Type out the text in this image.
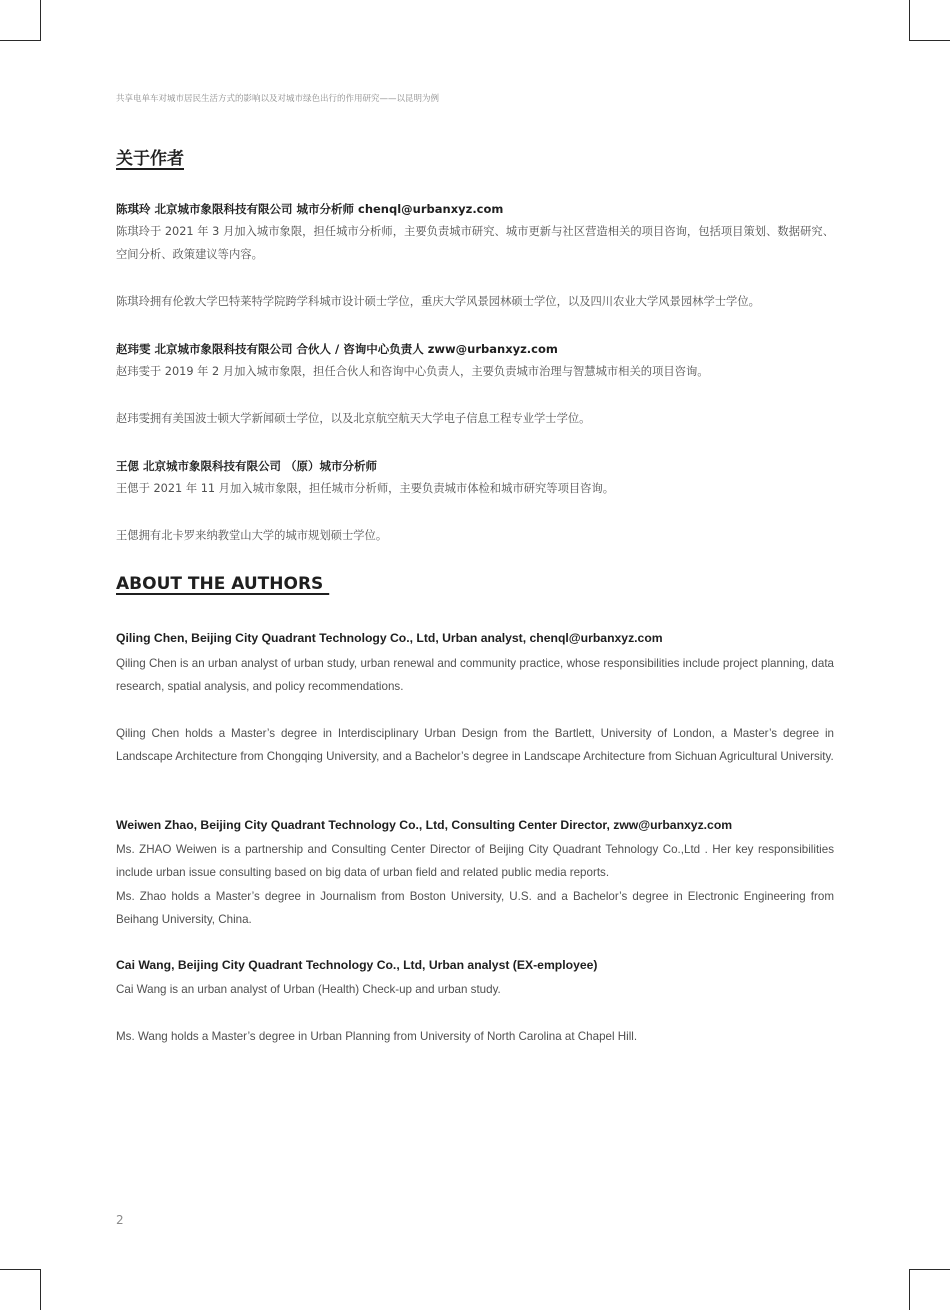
共享电单车对城市居民生活方式的影响以及对城市绿色出行的作用研究——以昆明为例
关于作者
陈琪玲 北京城市象限科技有限公司 城市分析师 chenql@urbanxyz.com
陈琪玲于 2021 年 3 月加入城市象限，担任城市分析师，主要负责城市研究、城市更新与社区营造相关的项目咨询，包括项目策划、数据研究、空间分析、政策建议等内容。
陈琪玲拥有伦敦大学巴特莱特学院跨学科城市设计硕士学位，重庆大学风景园林硕士学位，以及四川农业大学风景园林学士学位。
赵玮雯 北京城市象限科技有限公司 合伙人 / 咨询中心负责人 zww@urbanxyz.com
赵玮雯于 2019 年 2 月加入城市象限，担任合伙人和咨询中心负责人，主要负责城市治理与智慧城市相关的项目咨询。
赵玮雯拥有美国波士顿大学新闻硕士学位，以及北京航空航天大学电子信息工程专业学士学位。
王偲 北京城市象限科技有限公司 （原）城市分析师
王偲于 2021 年 11 月加入城市象限，担任城市分析师，主要负责城市体检和城市研究等项目咨询。
王偲拥有北卡罗来纳教堂山大学的城市规划硕士学位。
ABOUT THE AUTHORS
Qiling Chen, Beijing City Quadrant Technology Co., Ltd, Urban analyst, chenql@urbanxyz.com
Qiling Chen is an urban analyst of urban study, urban renewal and community practice, whose responsibilities include project planning, data research, spatial analysis, and policy recommendations.
Qiling Chen holds a Master’s degree in Interdisciplinary Urban Design from the Bartlett, University of London, a Master’s degree in Landscape Architecture from Chongqing University, and a Bachelor’s degree in Landscape Architecture from Sichuan Agricultural University.
Weiwen Zhao, Beijing City Quadrant Technology Co., Ltd, Consulting Center Director, zww@urbanxyz.com
Ms. ZHAO Weiwen is a partnership and Consulting Center Director of Beijing City Quadrant Tehnology Co.,Ltd . Her key responsibilities include urban issue consulting based on big data of urban field and related public media reports.
Ms. Zhao holds a Master’s degree in Journalism from Boston University, U.S. and a Bachelor’s degree in Electronic Engineering from Beihang University, China.
Cai Wang, Beijing City Quadrant Technology Co., Ltd, Urban analyst (EX-employee)
Cai Wang is an urban analyst of Urban (Health) Check-up and urban study.
Ms. Wang holds a Master’s degree in Urban Planning from University of North Carolina at Chapel Hill.
2
